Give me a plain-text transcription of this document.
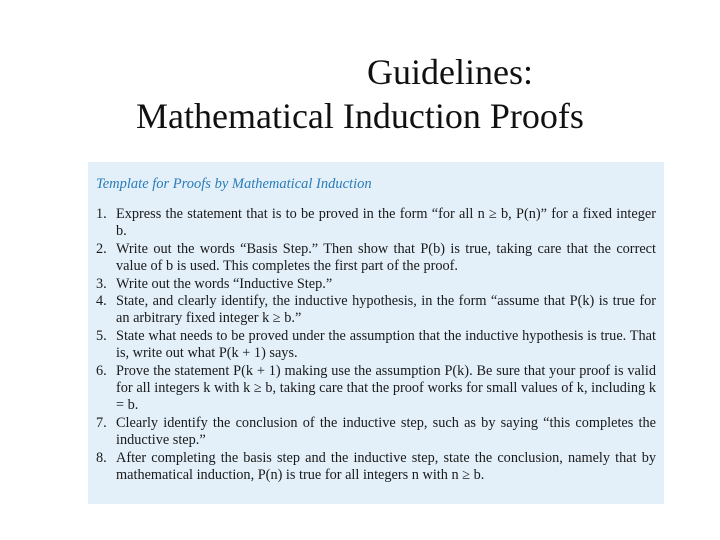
Guidelines:
Mathematical Induction Proofs
Template for Proofs by Mathematical Induction
1. Express the statement that is to be proved in the form “for all n ≥ b, P(n)” for a fixed integer b.
2. Write out the words “Basis Step.” Then show that P(b) is true, taking care that the correct value of b is used. This completes the first part of the proof.
3. Write out the words “Inductive Step.”
4. State, and clearly identify, the inductive hypothesis, in the form “assume that P(k) is true for an arbitrary fixed integer k ≥ b.”
5. State what needs to be proved under the assumption that the inductive hypothesis is true. That is, write out what P(k + 1) says.
6. Prove the statement P(k + 1) making use the assumption P(k). Be sure that your proof is valid for all integers k with k ≥ b, taking care that the proof works for small values of k, including k = b.
7. Clearly identify the conclusion of the inductive step, such as by saying “this completes the inductive step.”
8. After completing the basis step and the inductive step, state the conclusion, namely that by mathematical induction, P(n) is true for all integers n with n ≥ b.
